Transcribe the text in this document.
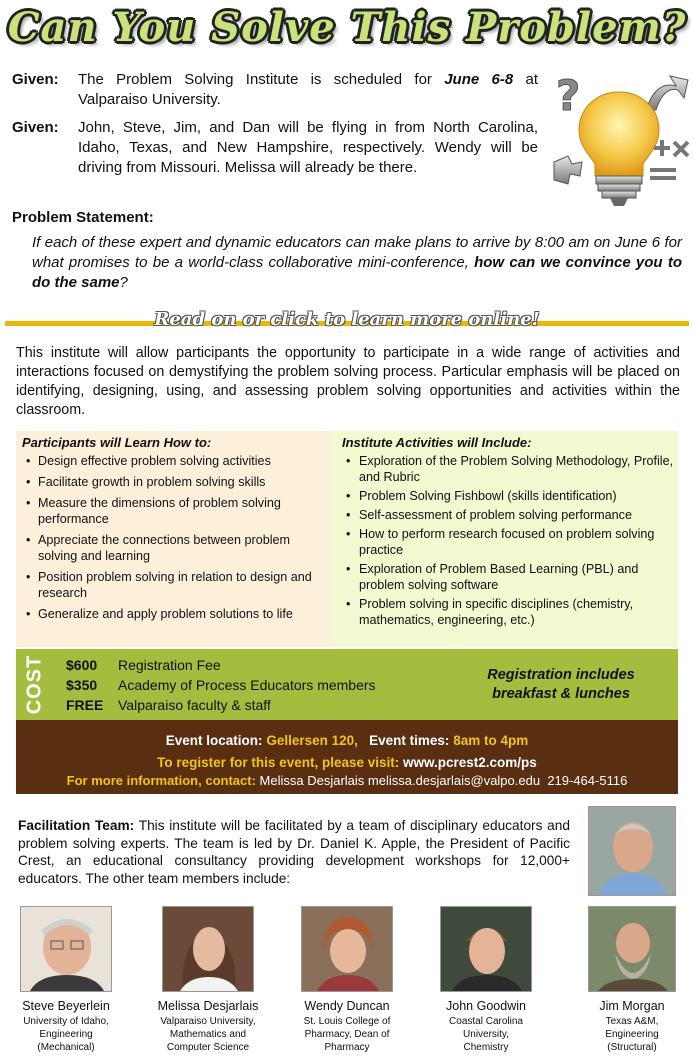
Can You Solve This Problem?
Given: The Problem Solving Institute is scheduled for June 6-8 at Valparaiso University.
Given: John, Steve, Jim, and Dan will be flying in from North Carolina, Idaho, Texas, and New Hampshire, respectively. Wendy will be driving from Missouri. Melissa will already be there.
?
Problem Statement:
If each of these expert and dynamic educators can make plans to arrive by 8:00 am on June 6 for what promises to be a world-class collaborative mini-conference, how can we convince you to do the same?
Read on or click to learn more online!
This institute will allow participants the opportunity to participate in a wide range of activities and interactions focused on demystifying the problem solving process. Particular emphasis will be placed on identifying, designing, using, and assessing problem solving opportunities and activities within the classroom.
Participants will Learn How to:
• Design effective problem solving activities
• Facilitate growth in problem solving skills
• Measure the dimensions of problem solving performance
• Appreciate the connections between problem solving and learning
• Position problem solving in relation to design and research
• Generalize and apply problem solutions to life
Institute Activities will Include:
• Exploration of the Problem Solving Methodology, Profile, and Rubric
• Problem Solving Fishbowl (skills identification)
• Self-assessment of problem solving performance
• How to perform research focused on problem solving practice
• Exploration of Problem Based Learning (PBL) and problem solving software
• Problem solving in specific disciplines (chemistry, mathematics, engineering, etc.)
COST $600 Registration Fee
$350 Academy of Process Educators members
FREE Valparaiso faculty & staff
Registration includes breakfast & lunches
Event location: Gellersen 120, Event times: 8am to 4pm
To register for this event, please visit: www.pcrest2.com/ps
For more information, contact: Melissa Desjarlais melissa.desjarlais@valpo.edu 219-464-5116
Facilitation Team: This institute will be facilitated by a team of disciplinary educators and problem solving experts. The team is led by Dr. Daniel K. Apple, the President of Pacific Crest, an educational consultancy providing development workshops for 12,000+ educators. The other team members include:
Steve Beyerlein
University of Idaho,
Engineering
(Mechanical)
Melissa Desjarlais
Valparaiso University,
Mathematics and
Computer Science
Wendy Duncan
St. Louis College of
Pharmacy, Dean of
Pharmacy
John Goodwin
Coastal Carolina
University,
Chemistry
Jim Morgan
Texas A&M,
Engineering
(Structural)
